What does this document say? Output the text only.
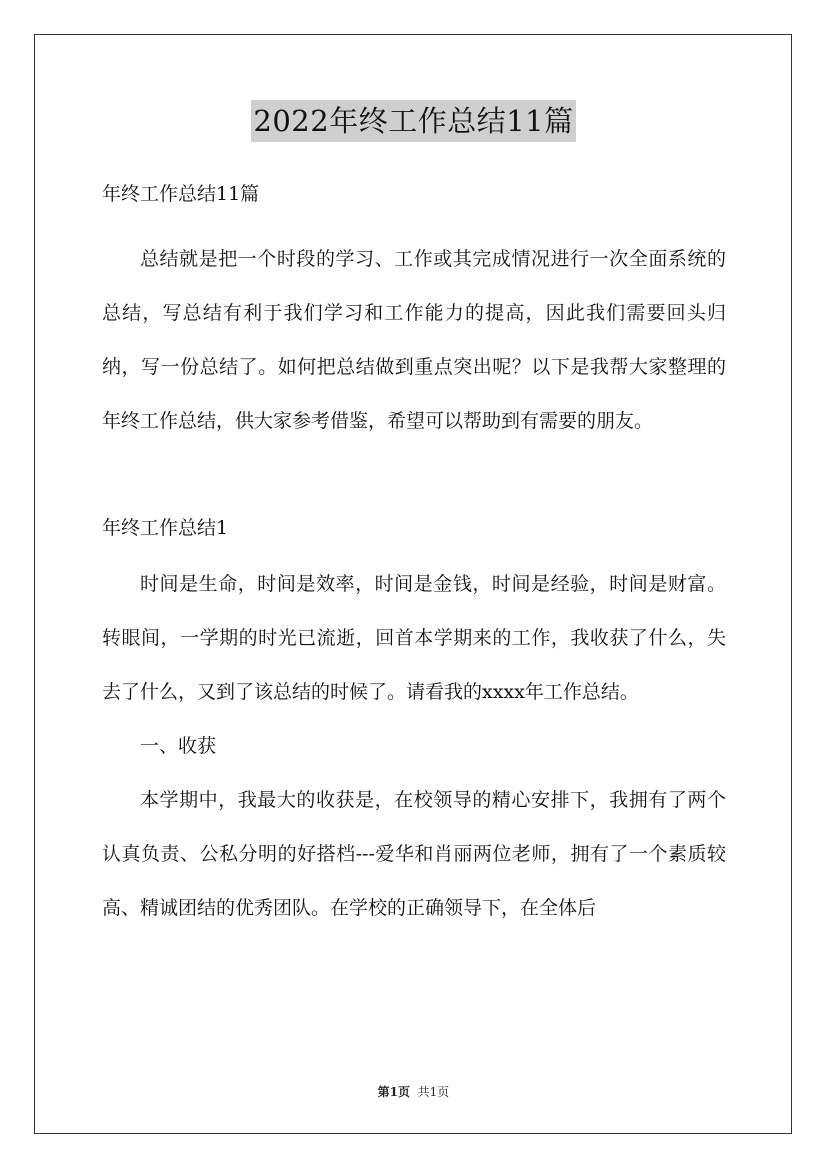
2022年终工作总结11篇
年终工作总结11篇

总结就是把一个时段的学习、工作或其完成情况进行一次全面系统的总结，写总结有利于我们学习和工作能力的提高，因此我们需要回头归纳，写一份总结了。如何把总结做到重点突出呢？以下是我帮大家整理的年终工作总结，供大家参考借鉴，希望可以帮助到有需要的朋友。

年终工作总结1

时间是生命，时间是效率，时间是金钱，时间是经验，时间是财富。转眼间，一学期的时光已流逝，回首本学期来的工作，我收获了什么，失去了什么，又到了该总结的时候了。请看我的xxxx年工作总结。

一、收获

本学期中，我最大的收获是，在校领导的精心安排下，我拥有了两个认真负责、公私分明的好搭档---爱华和肖丽两位老师，拥有了一个素质较高、精诚团结的优秀团队。在学校的正确领导下，在全体后

第1页 共1页
